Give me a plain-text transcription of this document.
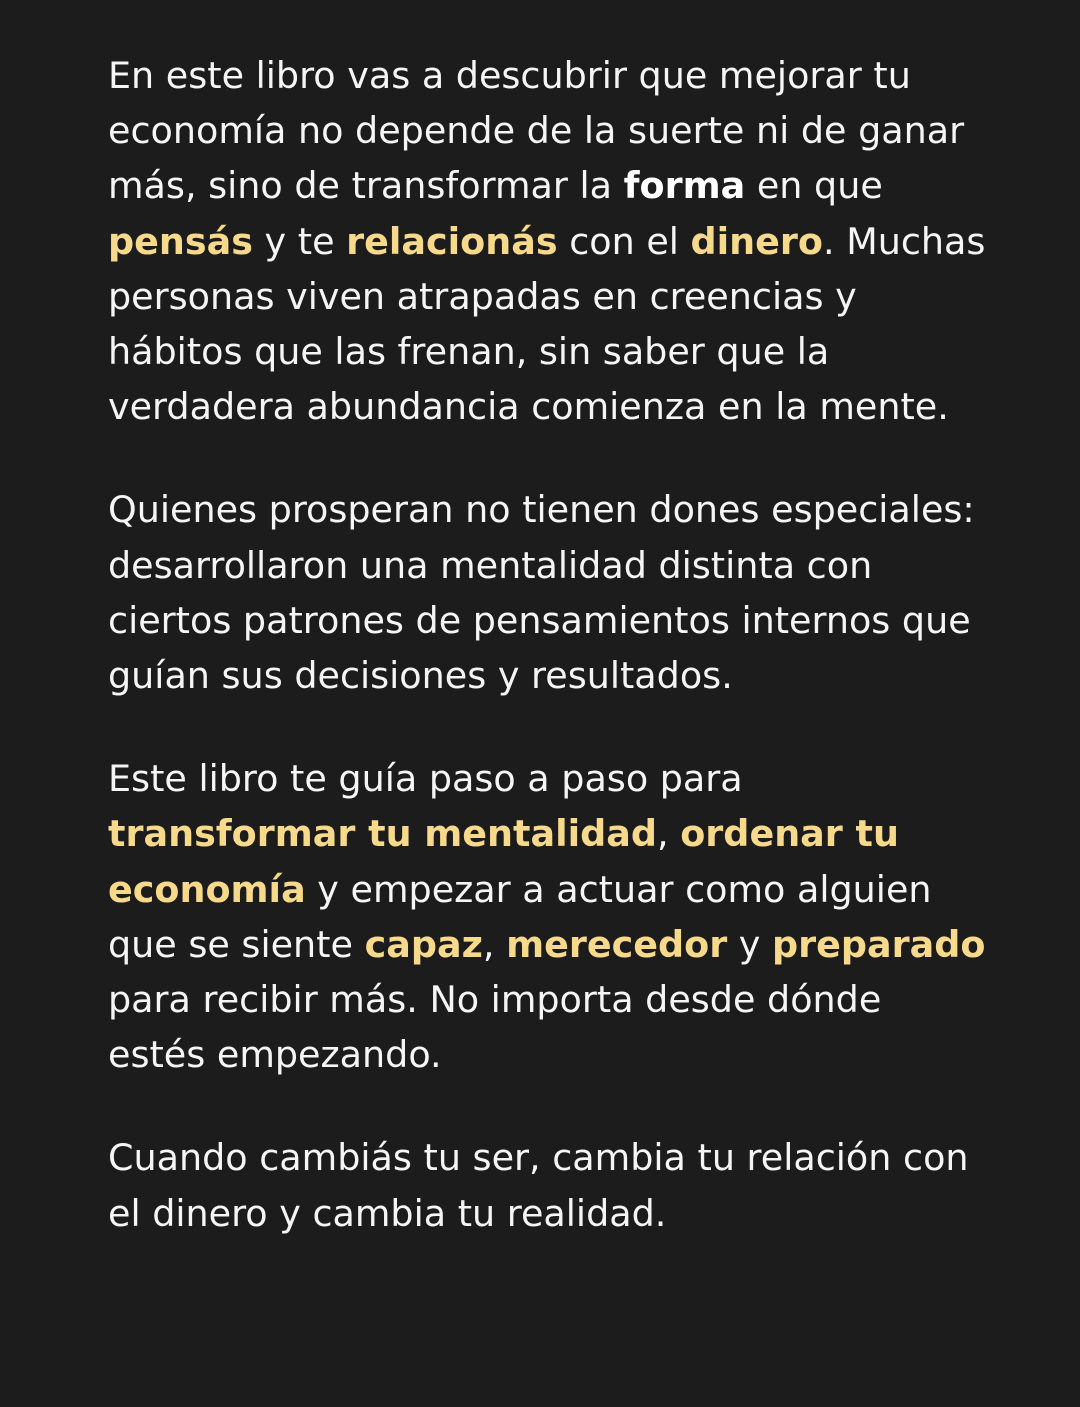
En este libro vas a descubrir que mejorar tu economía no depende de la suerte ni de ganar más, sino de transformar la forma en que pensás y te relacionás con el dinero. Muchas personas viven atrapadas en creencias y hábitos que las frenan, sin saber que la verdadera abundancia comienza en la mente.

Quienes prosperan no tienen dones especiales: desarrollaron una mentalidad distinta con ciertos patrones de pensamientos internos que guían sus decisiones y resultados.

Este libro te guía paso a paso para transformar tu mentalidad, ordenar tu economía y empezar a actuar como alguien que se siente capaz, merecedor y preparado para recibir más. No importa desde dónde estés empezando.

Cuando cambiás tu ser, cambia tu relación con el dinero y cambia tu realidad.
